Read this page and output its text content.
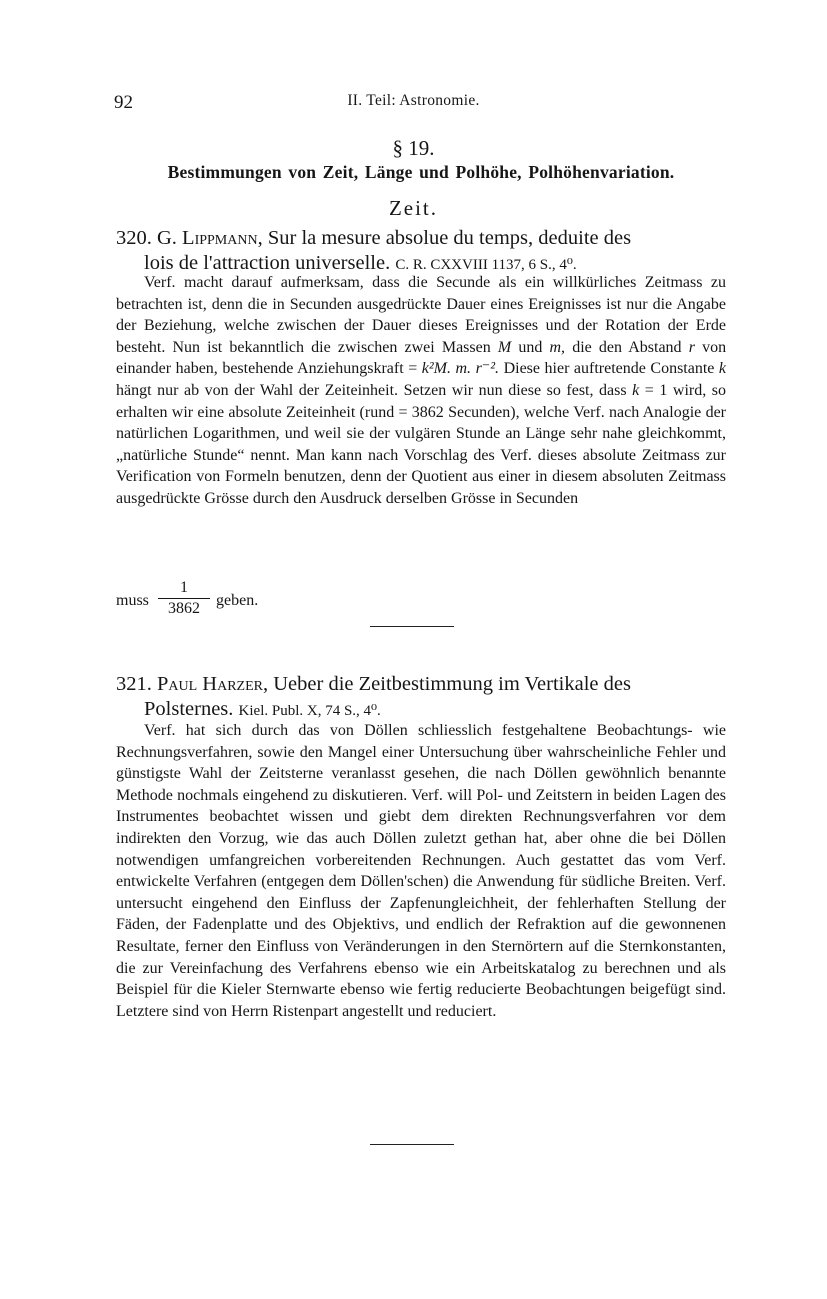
92	II. Teil: Astronomie.
§ 19.
Bestimmungen von Zeit, Länge und Polhöhe, Polhöhenvariation.
Zeit.
320. G. Lippmann, Sur la mesure absolue du temps, deduite des
lois de l'attraction universelle. C. R. CXXVIII 1137, 6 S., 4⁰.

Verf. macht darauf aufmerksam, dass die Secunde als ein willkürliches Zeitmass zu betrachten ist, denn die in Secunden ausgedrückte Dauer eines Ereignisses ist nur die Angabe der Beziehung, welche zwischen der Dauer dieses Ereignisses und der Rotation der Erde besteht. Nun ist bekanntlich die zwischen zwei Massen M und m, die den Abstand r von einander haben, bestehende Anziehungskraft = k²M. m. r⁻². Diese hier auftretende Constante k hängt nur ab von der Wahl der Zeiteinheit. Setzen wir nun diese so fest, dass k = 1 wird, so erhalten wir eine absolute Zeiteinheit (rund = 3862 Secunden), welche Verf. nach Analogie der natürlichen Logarithmen, und weil sie der vulgären Stunde an Länge sehr nahe gleichkommt, „natürliche Stunde“ nennt. Man kann nach Vorschlag des Verf. dieses absolute Zeitmass zur Verification von Formeln benutzen, denn der Quotient aus einer in diesem absoluten Zeitmass ausgedrückte Grösse durch den Ausdruck derselben Grösse in Secunden

muss
1
3862	geben.
321. Paul Harzer, Ueber die Zeitbestimmung im Vertikale des
Polsternes. Kiel. Publ. X, 74 S., 4⁰.

Verf. hat sich durch das von Döllen schliesslich festgehaltene Beobachtungs- wie Rechnungsverfahren, sowie den Mangel einer Untersuchung über wahrscheinliche Fehler und günstigste Wahl der Zeitsterne veranlasst gesehen, die nach Döllen gewöhnlich benannte Methode nochmals eingehend zu diskutieren. Verf. will Pol- und Zeitstern in beiden Lagen des Instrumentes beobachtet wissen und giebt dem direkten Rechnungsverfahren vor dem indirekten den Vorzug, wie das auch Döllen zuletzt gethan hat, aber ohne die bei Döllen notwendigen umfangreichen vorbereitenden Rechnungen. Auch gestattet das vom Verf. entwickelte Verfahren (entgegen dem Döllen'schen) die Anwendung für südliche Breiten. Verf. untersucht eingehend den Einfluss der Zapfenungleichheit, der fehlerhaften Stellung der Fäden, der Fadenplatte und des Objektivs, und endlich der Refraktion auf die gewonnenen Resultate, ferner den Einfluss von Veränderungen in den Sternörtern auf die Sternkonstanten, die zur Vereinfachung des Verfahrens ebenso wie ein Arbeitskatalog zu berechnen und als Beispiel für die Kieler Sternwarte ebenso wie fertig reducierte Beobachtungen beigefügt sind. Letztere sind von Herrn Ristenpart angestellt und reduciert.
